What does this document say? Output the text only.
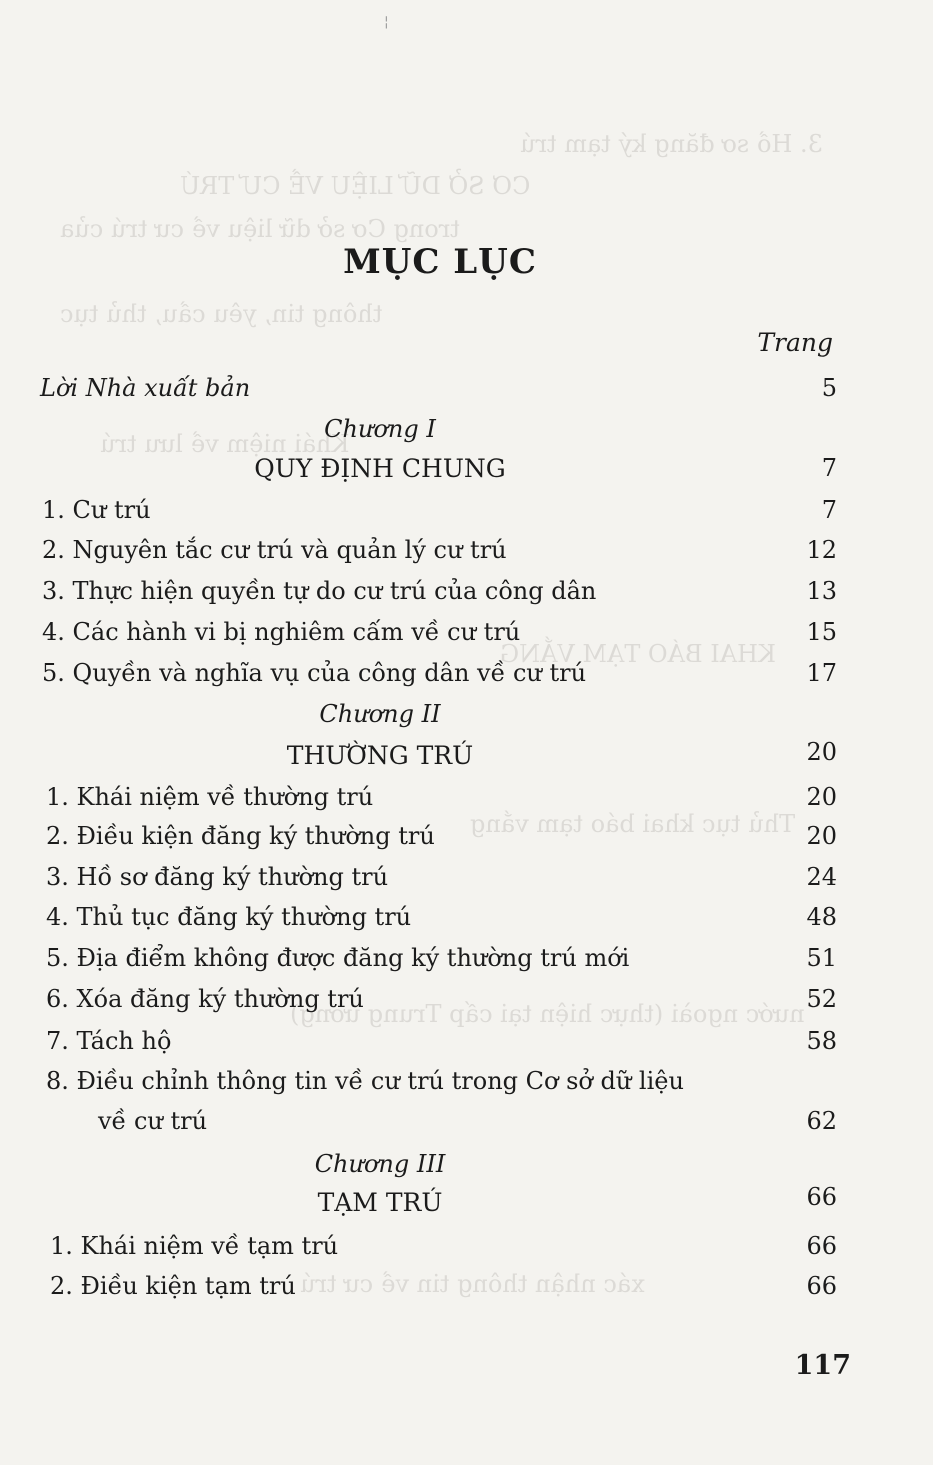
¦
3. Hồ sơ đăng ký tạm trú
CƠ SỞ DỮ LIỆU VỀ CƯ TRÚ
trong Cơ sở dữ liệu về cư trú của
thông tin, yêu cầu, thủ tục
Khái niệm về lưu trú
KHAI BÁO TẠM VẮNG
Thủ tục khai báo tạm vắng
nước ngoài (thực hiện tại cấp Trung ương)
xác nhận thông tin về cư trú
MỤC LỤC
Trang
Lời Nhà xuất bản	5
Chương I
QUY ĐỊNH CHUNG	7
1. Cư trú	7
2. Nguyên tắc cư trú và quản lý cư trú	12
3. Thực hiện quyền tự do cư trú của công dân	13
4. Các hành vi bị nghiêm cấm về cư trú	15
5. Quyền và nghĩa vụ của công dân về cư trú	17
Chương II
THƯỜNG TRÚ	20
1. Khái niệm về thường trú	20
2. Điều kiện đăng ký thường trú	20
3. Hồ sơ đăng ký thường trú	24
4. Thủ tục đăng ký thường trú	48
5. Địa điểm không được đăng ký thường trú mới	51
6. Xóa đăng ký thường trú	52
7. Tách hộ	58
8. Điều chỉnh thông tin về cư trú trong Cơ sở dữ liệu
về cư trú	62
Chương III
TẠM TRÚ	66
1. Khái niệm về tạm trú	66
2. Điều kiện tạm trú	66
117
